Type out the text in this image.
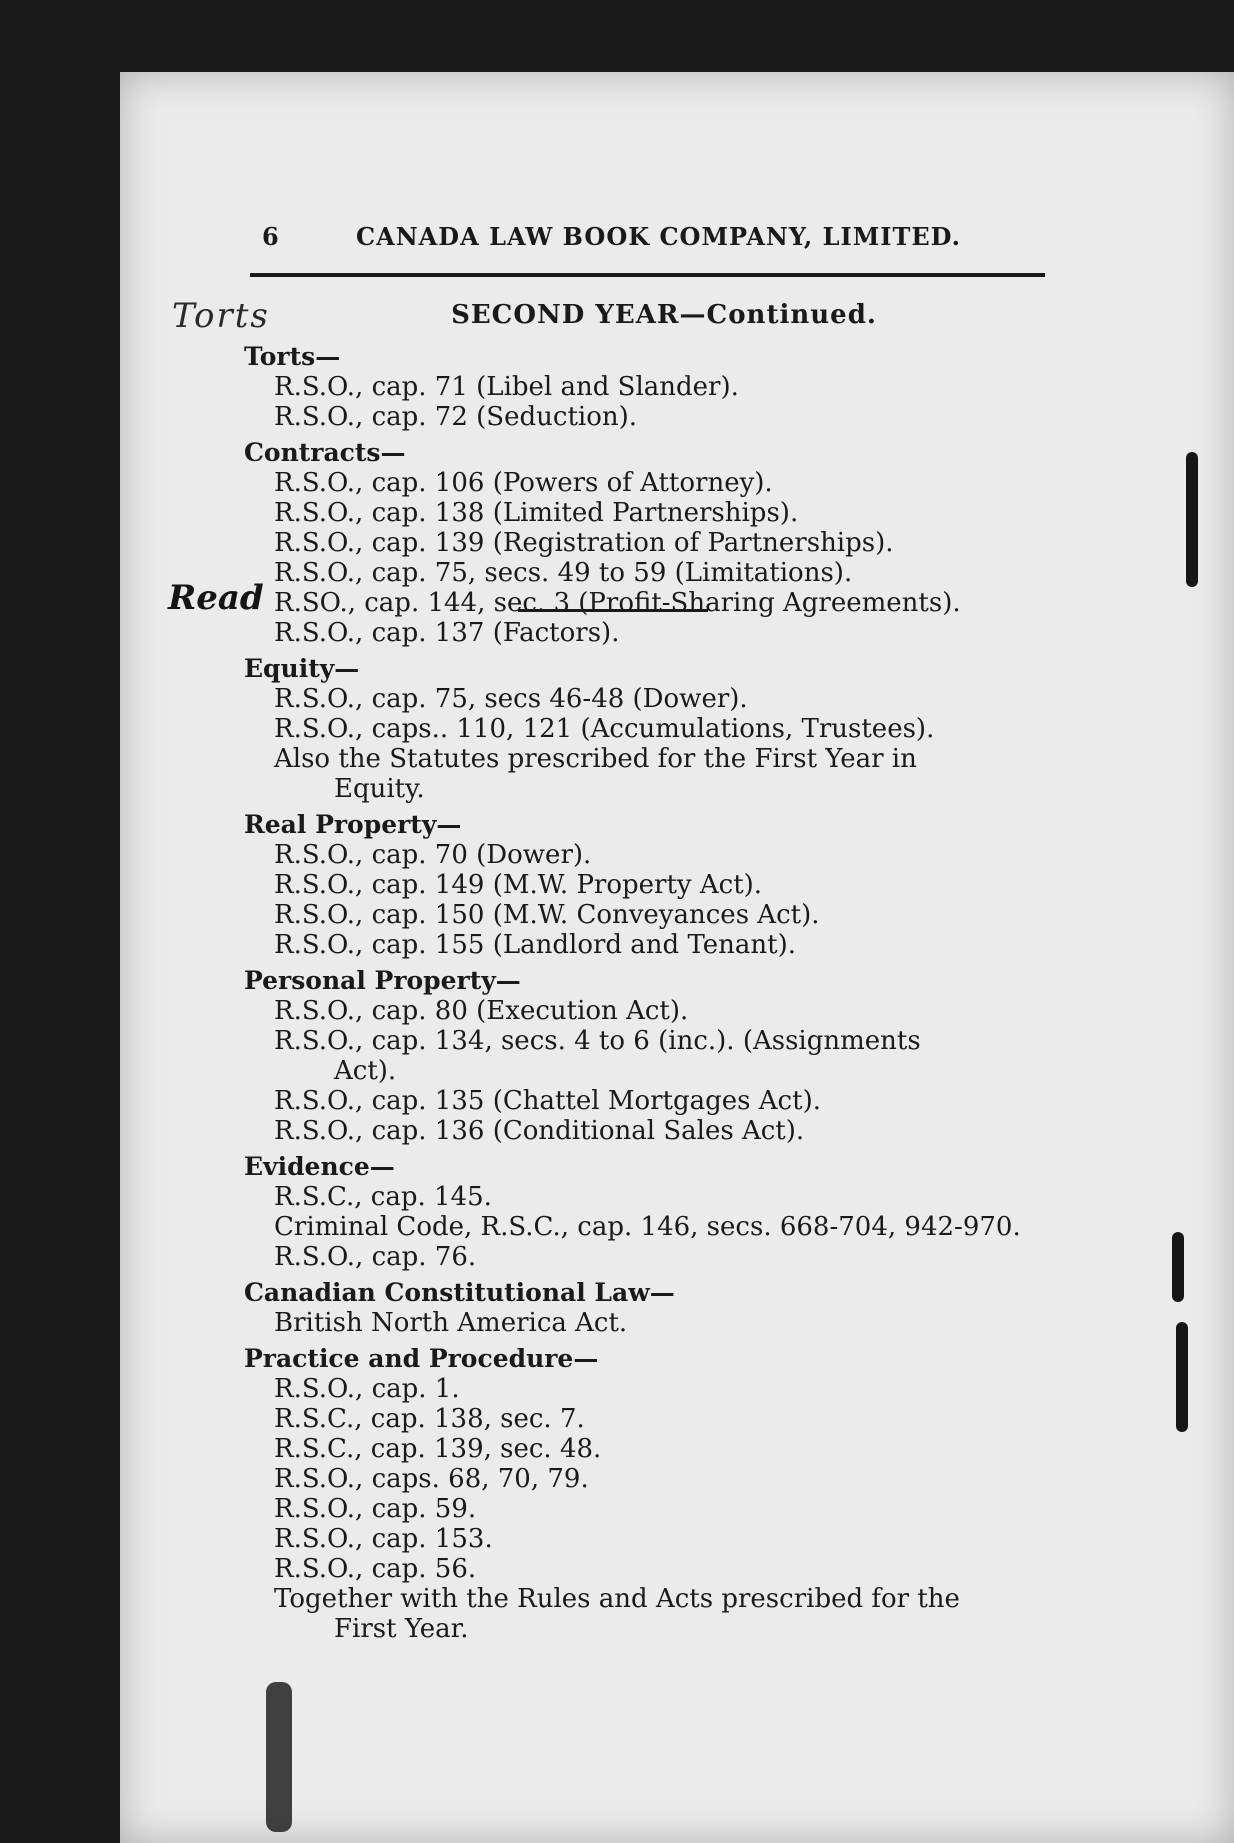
6	CANADA LAW BOOK COMPANY, LIMITED.
Torts
Read
SECOND YEAR—Continued.
Torts—
R.S.O., cap. 71 (Libel and Slander).
R.S.O., cap. 72 (Seduction).
Contracts—
R.S.O., cap. 106 (Powers of Attorney).
R.S.O., cap. 138 (Limited Partnerships).
R.S.O., cap. 139 (Registration of Partnerships).
R.S.O., cap. 75, secs. 49 to 59 (Limitations).
R.SO., cap. 144, sec. 3 (Profit-Sharing Agreements).
R.S.O., cap. 137 (Factors).
Equity—
R.S.O., cap. 75, secs 46-48 (Dower).
R.S.O., caps.. 110, 121 (Accumulations, Trustees).
Also the Statutes prescribed for the First Year in
Equity.
Real Property—
R.S.O., cap. 70 (Dower).
R.S.O., cap. 149 (M.W. Property Act).
R.S.O., cap. 150 (M.W. Conveyances Act).
R.S.O., cap. 155 (Landlord and Tenant).
Personal Property—
R.S.O., cap. 80 (Execution Act).
R.S.O., cap. 134, secs. 4 to 6 (inc.). (Assignments
Act).
R.S.O., cap. 135 (Chattel Mortgages Act).
R.S.O., cap. 136 (Conditional Sales Act).
Evidence—
R.S.C., cap. 145.
Criminal Code, R.S.C., cap. 146, secs. 668-704, 942-970.
R.S.O., cap. 76.
Canadian Constitutional Law—
British North America Act.
Practice and Procedure—
R.S.O., cap. 1.
R.S.C., cap. 138, sec. 7.
R.S.C., cap. 139, sec. 48.
R.S.O., caps. 68, 70, 79.
R.S.O., cap. 59.
R.S.O., cap. 153.
R.S.O., cap. 56.
Together with the Rules and Acts prescribed for the
First Year.
